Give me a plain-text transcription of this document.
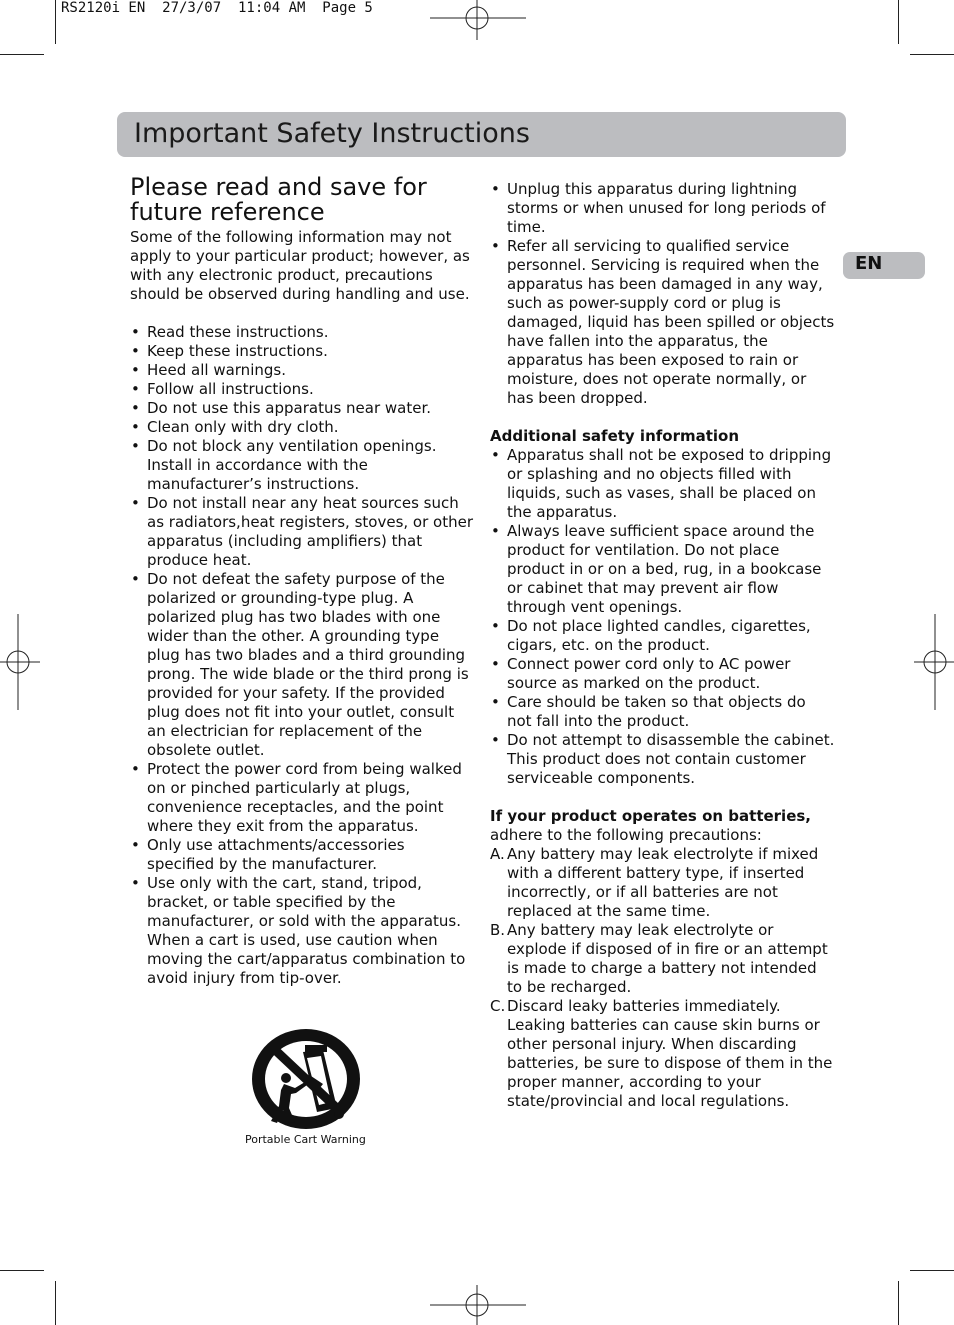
RS2120i EN  27/3/07  11:04 AM  Page 5
Important Safety Instructions
EN
Please read and save for future reference

Some of the following information may not apply to your particular product; however, as with any electronic product, precautions should be observed during handling and use.

• Read these instructions.
• Keep these instructions.
• Heed all warnings.
• Follow all instructions.
• Do not use this apparatus near water.
• Clean only with dry cloth.
• Do not block any ventilation openings. Install in accordance with the manufacturer’s instructions.
• Do not install near any heat sources such as radiators,heat registers, stoves, or other apparatus (including amplifiers) that produce heat.
• Do not defeat the safety purpose of the polarized or grounding-type plug. A polarized plug has two blades with one wider than the other. A grounding type plug has two blades and a third grounding prong. The wide blade or the third prong is provided for your safety. If the provided plug does not fit into your outlet, consult an electrician for replacement of the obsolete outlet.
• Protect the power cord from being walked on or pinched particularly at plugs, convenience receptacles, and the point where they exit from the apparatus.
• Only use attachments/accessories specified by the manufacturer.
• Use only with the cart, stand, tripod, bracket, or table specified by the manufacturer, or sold with the apparatus. When a cart is used, use caution when moving the cart/apparatus combination to avoid injury from tip-over.
Portable Cart Warning
• Unplug this apparatus during lightning storms or when unused for long periods of time.
• Refer all servicing to qualified service personnel. Servicing is required when the apparatus has been damaged in any way, such as power-supply cord or plug is damaged, liquid has been spilled or objects have fallen into the apparatus, the apparatus has been exposed to rain or moisture, does not operate normally, or has been dropped.

Additional safety information

• Apparatus shall not be exposed to dripping or splashing and no objects filled with liquids, such as vases, shall be placed on the apparatus.
• Always leave sufficient space around the product for ventilation. Do not place product in or on a bed, rug, in a bookcase or cabinet that may prevent air flow through vent openings.
• Do not place lighted candles, cigarettes, cigars, etc. on the product.
• Connect power cord only to AC power source as marked on the product.
• Care should be taken so that objects do not fall into the product.
• Do not attempt to disassemble the cabinet. This product does not contain customer serviceable components.

If your product operates on batteries,

adhere to the following precautions:

A. Any battery may leak electrolyte if mixed with a different battery type, if inserted incorrectly, or if all batteries are not replaced at the same time.
B. Any battery may leak electrolyte or explode if disposed of in fire or an attempt is made to charge a battery not intended to be recharged.
C. Discard leaky batteries immediately. Leaking batteries can cause skin burns or other personal injury. When discarding batteries, be sure to dispose of them in the proper manner, according to your state/provincial and local regulations.
